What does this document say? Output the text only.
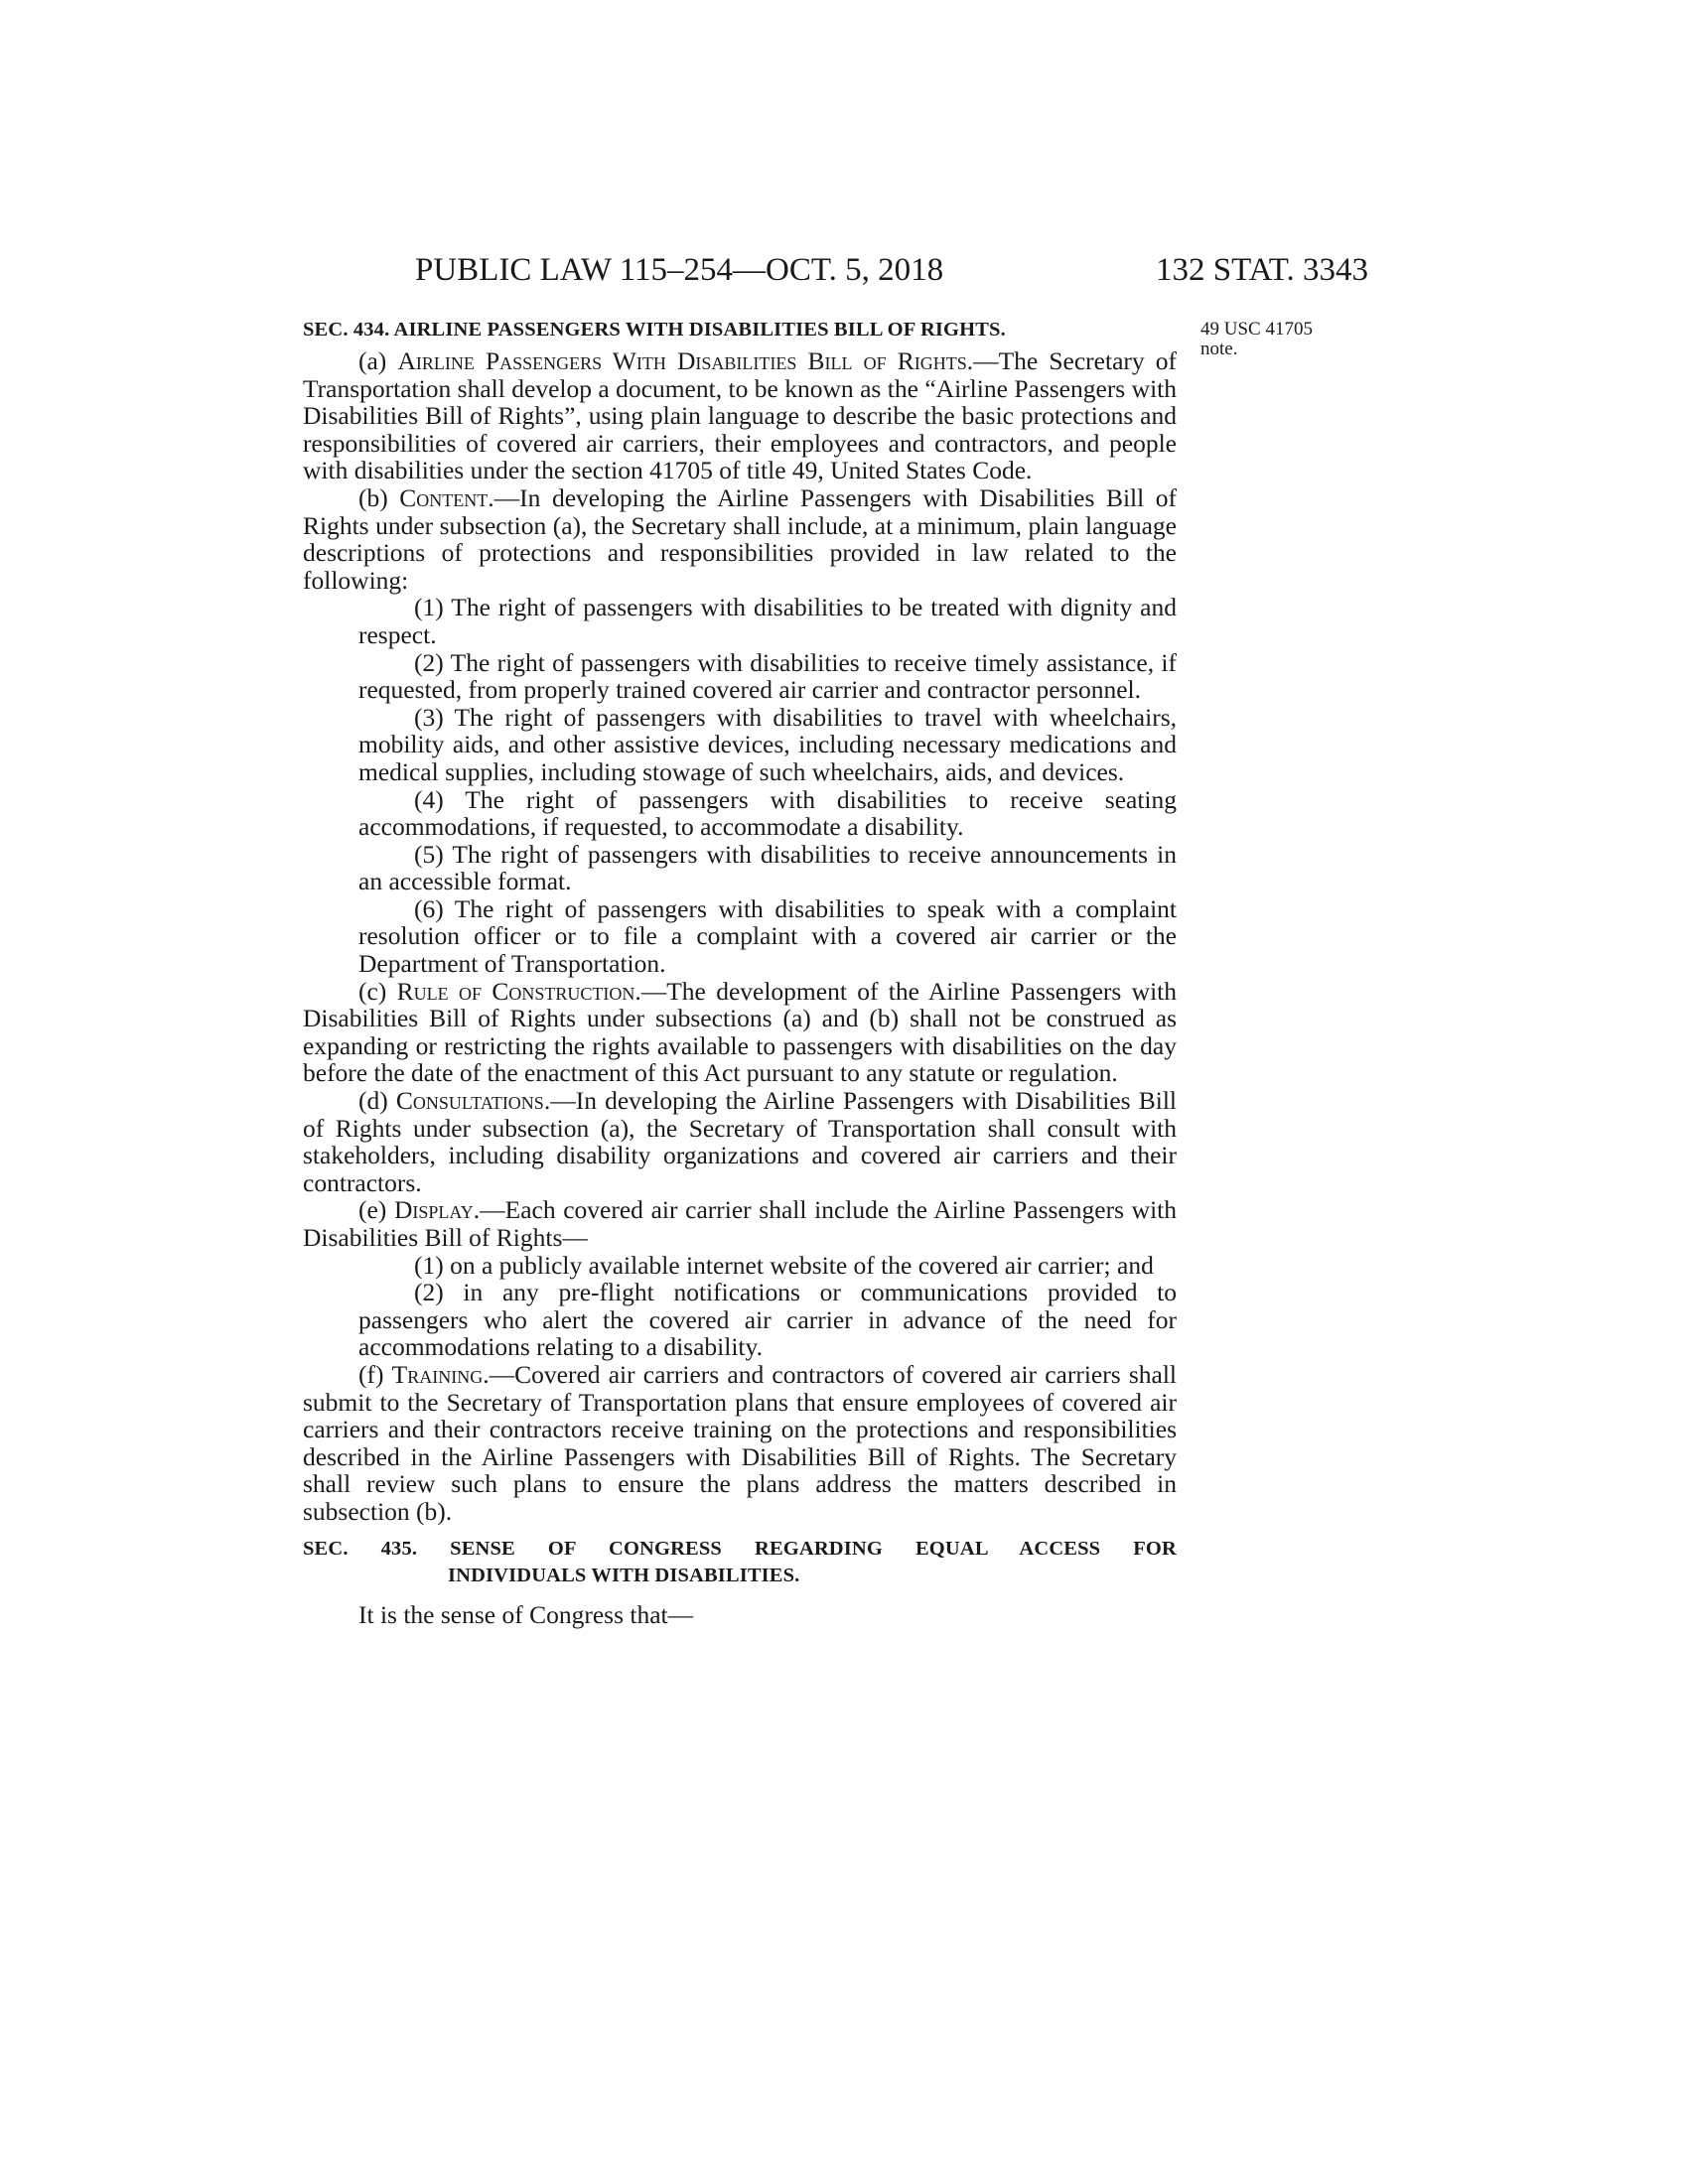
PUBLIC LAW 115–254—OCT. 5, 2018	132 STAT. 3343
49 USC 41705
note.
SEC. 434. AIRLINE PASSENGERS WITH DISABILITIES BILL OF RIGHTS.

(a) Airline Passengers With Disabilities Bill of Rights.—The Secretary of Transportation shall develop a document, to be known as the “Airline Passengers with Disabilities Bill of Rights”, using plain language to describe the basic protections and responsibilities of covered air carriers, their employees and contractors, and people with disabilities under the section 41705 of title 49, United States Code.

(b) Content.—In developing the Airline Passengers with Disabilities Bill of Rights under subsection (a), the Secretary shall include, at a minimum, plain language descriptions of protections and responsibilities provided in law related to the following:

(1) The right of passengers with disabilities to be treated with dignity and respect.

(2) The right of passengers with disabilities to receive timely assistance, if requested, from properly trained covered air carrier and contractor personnel.

(3) The right of passengers with disabilities to travel with wheelchairs, mobility aids, and other assistive devices, including necessary medications and medical supplies, including stowage of such wheelchairs, aids, and devices.

(4) The right of passengers with disabilities to receive seating accommodations, if requested, to accommodate a disability.

(5) The right of passengers with disabilities to receive announcements in an accessible format.

(6) The right of passengers with disabilities to speak with a complaint resolution officer or to file a complaint with a covered air carrier or the Department of Transportation.

(c) Rule of Construction.—The development of the Airline Passengers with Disabilities Bill of Rights under subsections (a) and (b) shall not be construed as expanding or restricting the rights available to passengers with disabilities on the day before the date of the enactment of this Act pursuant to any statute or regulation.

(d) Consultations.—In developing the Airline Passengers with Disabilities Bill of Rights under subsection (a), the Secretary of Transportation shall consult with stakeholders, including disability organizations and covered air carriers and their contractors.

(e) Display.—Each covered air carrier shall include the Airline Passengers with Disabilities Bill of Rights—

(1) on a publicly available internet website of the covered air carrier; and

(2) in any pre-flight notifications or communications provided to passengers who alert the covered air carrier in advance of the need for accommodations relating to a disability.

(f) Training.—Covered air carriers and contractors of covered air carriers shall submit to the Secretary of Transportation plans that ensure employees of covered air carriers and their contractors receive training on the protections and responsibilities described in the Airline Passengers with Disabilities Bill of Rights. The Secretary shall review such plans to ensure the plans address the matters described in subsection (b).

SEC. 435. SENSE OF CONGRESS REGARDING EQUAL ACCESS FOR
INDIVIDUALS WITH DISABILITIES.

It is the sense of Congress that—
